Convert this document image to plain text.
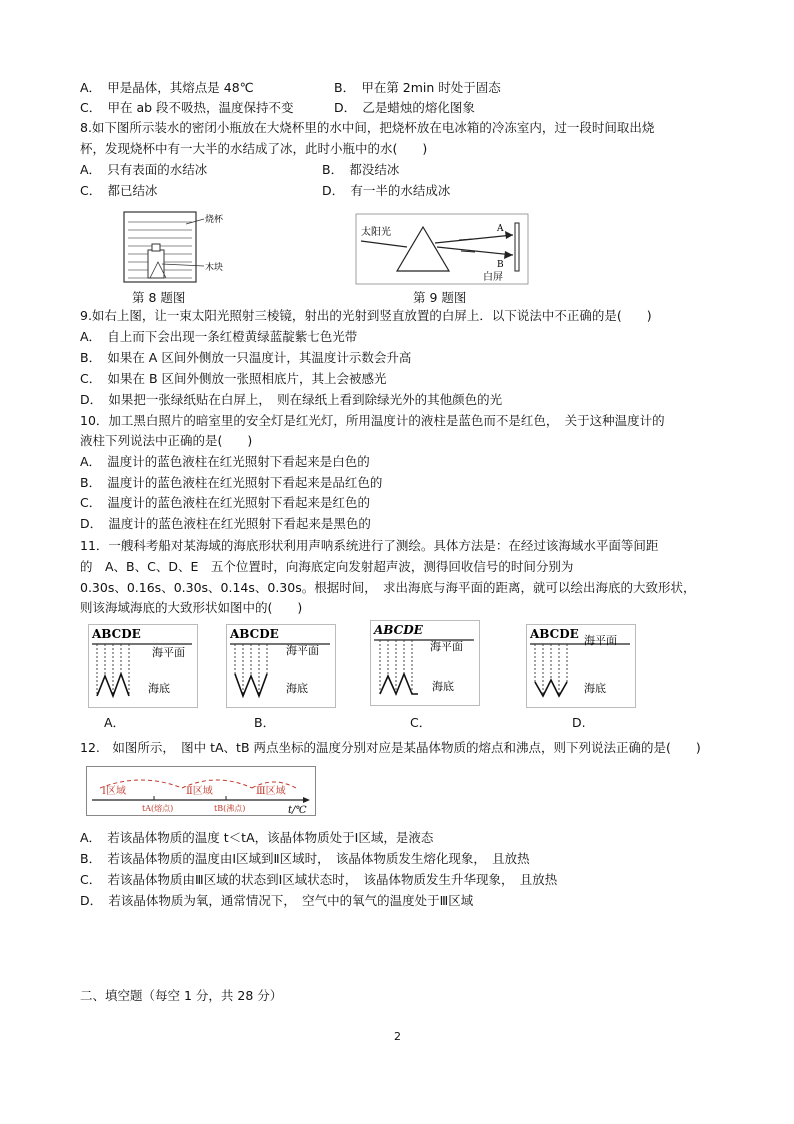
A．　甲是晶体，其熔点是 48℃	B．　甲在第 2min 时处于固态
C．　甲在 ab 段不吸热，温度保持不变	D．　乙是蜡烛的熔化图象
8.如下图所示装水的密闭小瓶放在大烧杯里的水中间，把烧杯放在电冰箱的冷冻室内，过一段时间取出烧
杯，发现烧杯中有一大半的水结成了冰，此时小瓶中的水(　　)
A．　只有表面的水结冰	B．　都没结冰
C．　都已结冰	D．　有一半的水结成冰
烧杯
木块
第 8 题图
太阳光	A
B
白屏
第 9 题图
9.如右上图，让一束太阳光照射三棱镜，射出的光射到竖直放置的白屏上．以下说法中不正确的是(　　)
A．　自上而下会出现一条红橙黄绿蓝靛紫七色光带
B．　如果在 A 区间外侧放一只温度计，其温度计示数会升高
C．　如果在 B 区间外侧放一张照相底片，其上会被感光
D．　如果把一张绿纸贴在白屏上，　则在绿纸上看到除绿光外的其他颜色的光
10．加工黑白照片的暗室里的安全灯是红光灯，所用温度计的液柱是蓝色而不是红色，　关于这种温度计的
液柱下列说法中正确的是(　　)
A．　温度计的蓝色液柱在红光照射下看起来是白色的
B．　温度计的蓝色液柱在红光照射下看起来是品红色的
C．　温度计的蓝色液柱在红光照射下看起来是红色的
D．　温度计的蓝色液柱在红光照射下看起来是黑色的
11．一艘科考船对某海域的海底形状利用声呐系统进行了测绘。具体方法是：在经过该海域水平面等间距
的　A、B、C、D、E　五个位置时，向海底定向发射超声波，测得回收信号的时间分别为
0.30s、0.16s、0.30s、0.14s、0.30s。根据时间，　求出海底与海平面的距离，就可以绘出海底的大致形状，
则该海域海底的大致形状如图中的(　　)
ABCDE
海平面
海底
ABCDE
海平面
海底
ABCDE
海平面
海底
ABCDE 海平面
海底
A．	B．	C．	D.
12.　如图所示，　图中 tA、tB 两点坐标的温度分别对应是某晶体物质的熔点和沸点，则下列说法正确的是(　　)
Ⅰ区域	Ⅱ区域	Ⅲ区域
tA(熔点)	tB(沸点)	t/℃
A．　若该晶体物质的温度 t＜tA，该晶体物质处于Ⅰ区域，是液态
B．　若该晶体物质的温度由Ⅰ区域到Ⅱ区域时，　该晶体物质发生熔化现象，　且放热
C．　若该晶体物质由Ⅲ区域的状态到Ⅰ区域状态时，　该晶体物质发生升华现象，　且放热
D．　若该晶体物质为氧，通常情况下，　空气中的氧气的温度处于Ⅲ区域
二、填空题（每空 1 分，共 28 分）
2
